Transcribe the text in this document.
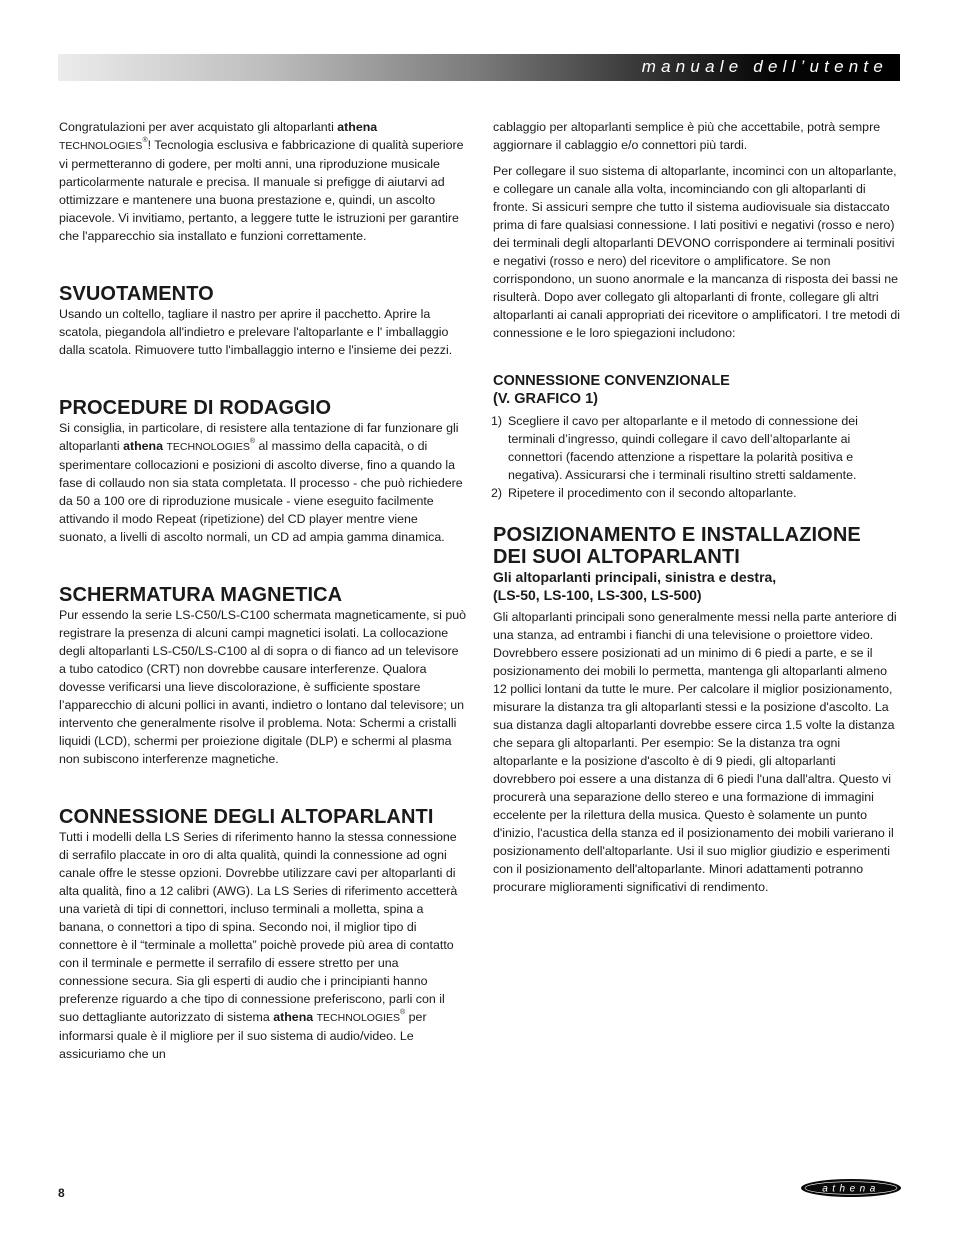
manuale dell’utente

Congratulazioni per aver acquistato gli altoparlanti athena TECHNOLOGIES®! Tecnologia esclusiva e fabbricazione di qualità superiore vi permetteranno di godere, per molti anni, una riproduzione musicale particolarmente naturale e precisa. Il manuale si prefigge di aiutarvi ad ottimizzare e mantenere una buona prestazione e, quindi, un ascolto piacevole. Vi invitiamo, pertanto, a leggere tutte le istruzioni per garantire che l'apparecchio sia installato e funzioni correttamente.

SVUOTAMENTO

Usando un coltello, tagliare il nastro per aprire il pacchetto. Aprire la scatola, piegandola all'indietro e prelevare l'altoparlante e l' imballaggio dalla scatola. Rimuovere tutto l'imballaggio interno e l'insieme dei pezzi.

PROCEDURE DI RODAGGIO

Si consiglia, in particolare, di resistere alla tentazione di far funzionare gli altoparlanti athena TECHNOLOGIES® al massimo della capacità, o di sperimentare collocazioni e posizioni di ascolto diverse, fino a quando la fase di collaudo non sia stata completata. Il processo - che può richiedere da 50 a 100 ore di riproduzione musicale - viene eseguito facilmente attivando il modo Repeat (ripetizione) del CD player mentre viene suonato, a livelli di ascolto normali, un CD ad ampia gamma dinamica.

SCHERMATURA MAGNETICA

Pur essendo la serie LS-C50/LS-C100 schermata magneticamente, si può registrare la presenza di alcuni campi magnetici isolati. La collocazione degli altoparlanti LS-C50/LS-C100 al di sopra o di fianco ad un televisore a tubo catodico (CRT) non dovrebbe causare interferenze. Qualora dovesse verificarsi una lieve discolorazione, è sufficiente spostare l’apparecchio di alcuni pollici in avanti, indietro o lontano dal televisore; un intervento che generalmente risolve il problema. Nota: Schermi a cristalli liquidi (LCD), schermi per proiezione digitale (DLP) e schermi al plasma non subiscono interferenze magnetiche.

CONNESSIONE DEGLI ALTOPARLANTI

Tutti i modelli della LS Series di riferimento hanno la stessa connessione di serrafilo placcate in oro di alta qualità, quindi la connessione ad ogni canale offre le stesse opzioni. Dovrebbe utilizzare cavi per altoparlanti di alta qualità, fino a 12 calibri (AWG). La LS Series di riferimento accetterà una varietà di tipi di connettori, incluso terminali a molletta, spina a banana, o connettori a tipo di spina. Secondo noi, il miglior tipo di connettore è il “terminale a molletta” poichè provede più area di contatto con il terminale e permette il serrafilo di essere stretto per una connessione secura. Sia gli esperti di audio che i principianti hanno preferenze riguardo a che tipo di connessione preferiscono, parli con il suo dettagliante autorizzato di sistema athena TECHNOLOGIES® per informarsi quale è il migliore per il suo sistema di audio/video. Le assicuriamo che un

cablaggio per altoparlanti semplice è più che accettabile, potrà sempre aggiornare il cablaggio e/o connettori più tardi.

Per collegare il suo sistema di altoparlante, incominci con un altoparlante, e collegare un canale alla volta, incominciando con gli altoparlanti di fronte. Si assicuri sempre che tutto il sistema audiovisuale sia distaccato prima di fare qualsiasi connessione. I lati positivi e negativi (rosso e nero) dei terminali degli altoparlanti DEVONO corrispondere ai terminali positivi e negativi (rosso e nero) del ricevitore o amplificatore. Se non corrispondono, un suono anormale e la mancanza di risposta dei bassi ne risulterà. Dopo aver collegato gli altoparlanti di fronte, collegare gli altri altoparlanti ai canali appropriati dei ricevitore o amplificatori. I tre metodi di connessione e le loro spiegazioni includono:

CONNESSIONE CONVENZIONALE
(V. GRAFICO 1)
1) Scegliere il cavo per altoparlante e il metodo di connessione dei terminali d’ingresso, quindi collegare il cavo dell’altoparlante ai connettori (facendo attenzione a rispettare la polarità positiva e negativa). Assicurarsi che i terminali risultino stretti saldamente.
2) Ripetere il procedimento con il secondo altoparlante.
POSIZIONAMENTO E INSTALLAZIONE
DEI SUOI ALTOPARLANTI
Gli altoparlanti principali, sinistra e destra,
(LS-50, LS-100, LS-300, LS-500)

Gli altoparlanti principali sono generalmente messi nella parte anteriore di una stanza, ad entrambi i fianchi di una televisione o proiettore video. Dovrebbero essere posizionati ad un minimo di 6 piedi a parte, e se il posizionamento dei mobili lo permetta, mantenga gli altoparlanti almeno 12 pollici lontani da tutte le mure. Per calcolare il miglior posizionamento, misurare la distanza tra gli altoparlanti stessi e la posizione d'ascolto. La sua distanza dagli altoparlanti dovrebbe essere circa 1.5 volte la distanza che separa gli altoparlanti. Per esempio: Se la distanza tra ogni altoparlante e la posizione d'ascolto è di 9 piedi, gli altoparlanti dovrebbero poi essere a una distanza di 6 piedi l'una dall'altra. Questo vi procurerà una separazione dello stereo e una formazione di immagini eccelente per la rilettura della musica. Questo è solamente un punto d'inizio, l'acustica della stanza ed il posizionamento dei mobili varierano il posizionamento dell'altoparlante. Usi il suo miglior giudizio e esperimenti con il posizionamento dell'altoparlante. Minori adattamenti potranno procurare miglioramenti significativi di rendimento.

8	athena
